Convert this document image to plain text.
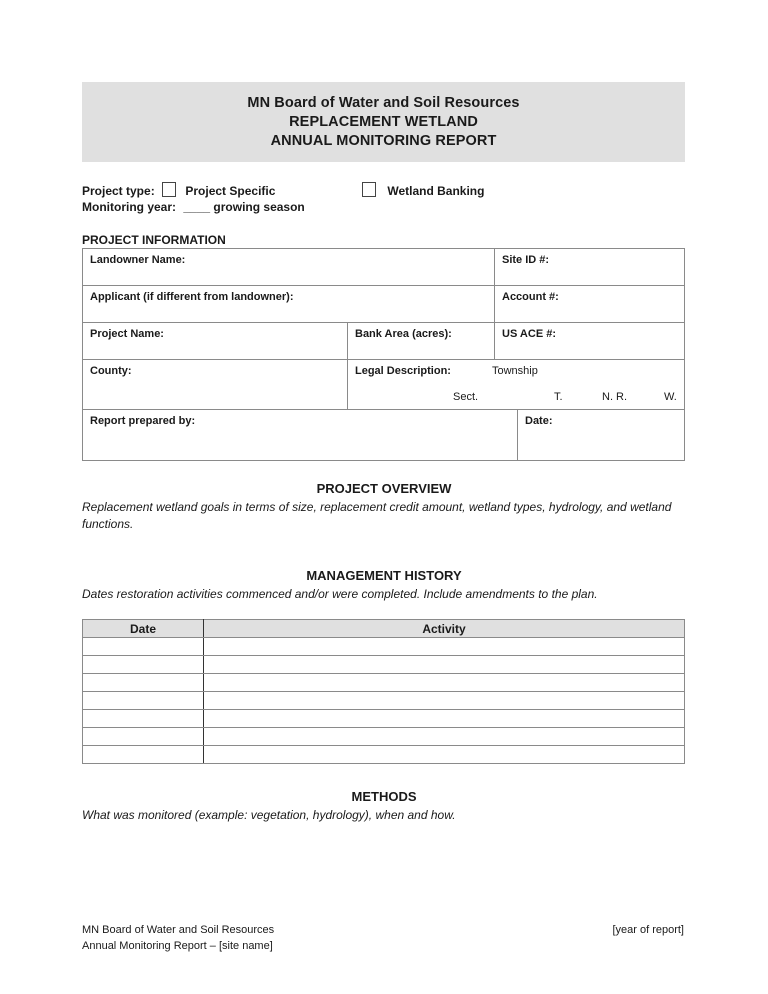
MN Board of Water and Soil Resources
REPLACEMENT WETLAND
ANNUAL MONITORING REPORT
Project type:	Project Specific	Wetland Banking
Monitoring year: ____ growing season
PROJECT INFORMATION
Landowner Name:	Site ID #:
Applicant (if different from landowner):	Account #:
Project Name:	Bank Area (acres):	US ACE #:
County:	Legal Description:	Township
Sect.	T.	N. R.	W.
Report prepared by:	Date:
PROJECT OVERVIEW
Replacement wetland goals in terms of size, replacement credit amount, wetland types, hydrology, and wetland functions.
MANAGEMENT HISTORY
Dates restoration activities commenced and/or were completed. Include amendments to the plan.
Date	Activity

METHODS
What was monitored (example: vegetation, hydrology), when and how.
MN Board of Water and Soil Resources
Annual Monitoring Report – [site name]
[year of report]
